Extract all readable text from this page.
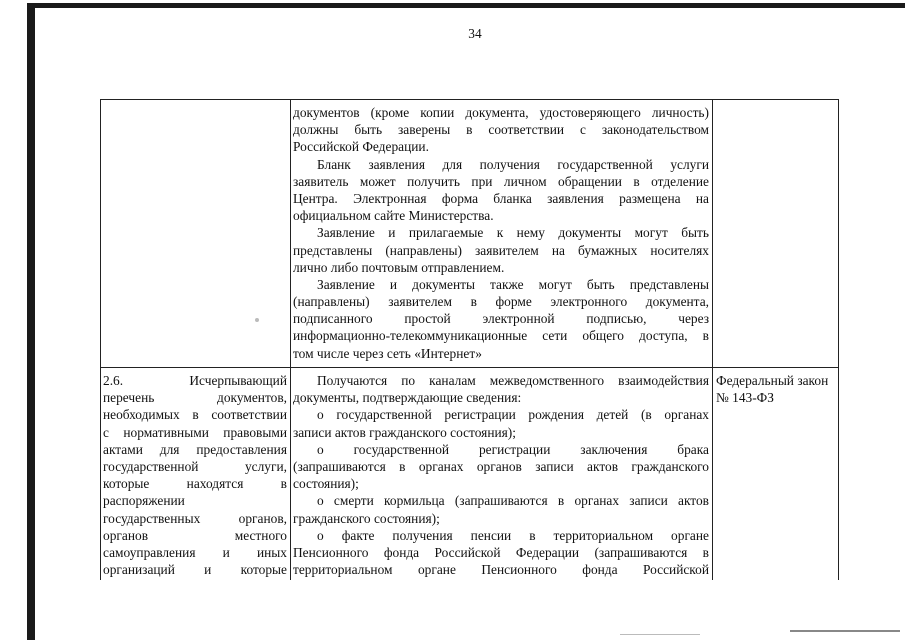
34
документов (кроме копии документа, удостоверяющего личность)
должны быть заверены в соответствии с законодательством
Российской Федерации.
Бланк заявления для получения государственной услуги
заявитель может получить при личном обращении в отделение
Центра. Электронная форма бланка заявления размещена на
официальном сайте Министерства.
Заявление и прилагаемые к нему документы могут быть
представлены (направлены) заявителем на бумажных носителях
лично либо почтовым отправлением.
Заявление и документы также могут быть представлены
(направлены) заявителем в форме электронного документа,
подписанного простой электронной подписью, через
информационно-телекоммуникационные сети общего доступа, в
том числе через сеть «Интернет»
2.6. Исчерпывающий
перечень документов,
необходимых в соответствии
с нормативными правовыми
актами для предоставления
государственной услуги,
которые находятся в
распоряжении
государственных органов,
органов местного
самоуправления и иных
организаций и которые
Получаются по каналам межведомственного взаимодействия
документы, подтверждающие сведения:
о государственной регистрации рождения детей (в органах
записи актов гражданского состояния);
о государственной регистрации заключения брака
(запрашиваются в органах органов записи актов гражданского
состояния);
о смерти кормильца (запрашиваются в органах записи актов
гражданского состояния);
о факте получения пенсии в территориальном органе
Пенсионного фонда Российской Федерации (запрашиваются в
территориальном органе Пенсионного фонда Российской
Федеральный закон
№ 143-ФЗ
